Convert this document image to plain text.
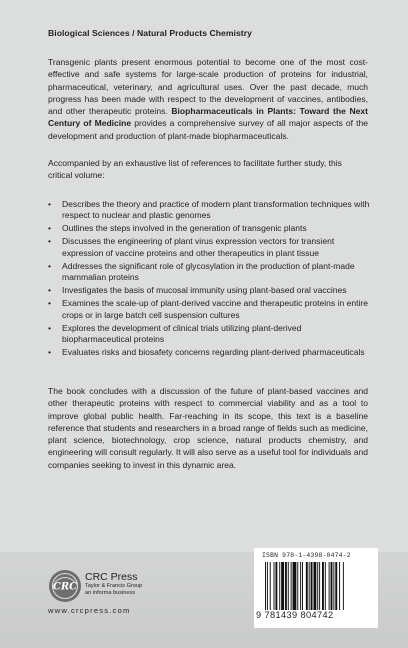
Biological Sciences / Natural Products Chemistry
Transgenic plants present enormous potential to become one of the most cost-effective and safe systems for large-scale production of proteins for industrial, pharmaceutical, veterinary, and agricultural uses. Over the past decade, much progress has been made with respect to the development of vaccines, antibodies, and other therapeutic proteins. Biopharmaceuticals in Plants: Toward the Next Century of Medicine provides a comprehensive survey of all major aspects of the development and production of plant-made biopharmaceuticals.
Accompanied by an exhaustive list of references to facilitate further study, this critical volume:
• Describes the theory and practice of modern plant transformation techniques with respect to nuclear and plastic genomes
• Outlines the steps involved in the generation of transgenic plants
• Discusses the engineering of plant virus expression vectors for transient expression of vaccine proteins and other therapeutics in plant tissue
• Addresses the significant role of glycosylation in the production of plant-made mammalian proteins
• Investigates the basis of mucosal immunity using plant-based oral vaccines
• Examines the scale-up of plant-derived vaccine and therapeutic proteins in entire crops or in large batch cell suspension cultures
• Explores the development of clinical trials utilizing plant-derived biopharmaceutical proteins
• Evaluates risks and biosafety concerns regarding plant-derived pharmaceuticals
The book concludes with a discussion of the future of plant-based vaccines and other therapeutic proteins with respect to commercial viability and as a tool to improve global public health. Far-reaching in its scope, this text is a baseline reference that students and researchers in a broad range of fields such as medicine, plant science, biotechnology, crop science, natural products chemistry, and engineering will consult regularly. It will also serve as a useful tool for individuals and companies seeking to invest in this dynamic area.
CRC
CRC Press
Taylor & Francis Group
an informa business
www.crcpress.com
ISBN 978-1-4398-0474-2
9 781439 804742
